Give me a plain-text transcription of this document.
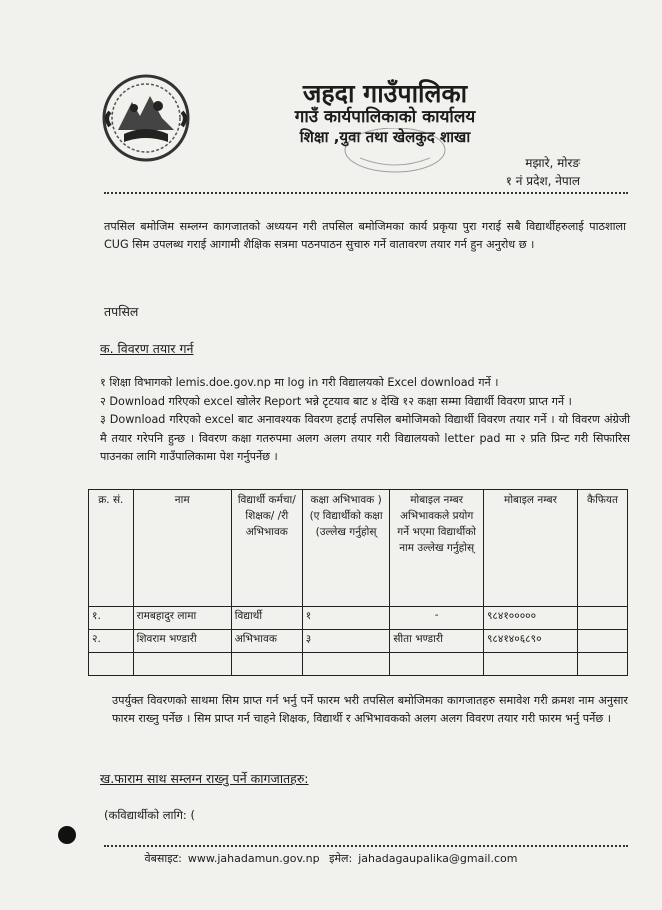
जहदा गाउँपालिका
गाउँ कार्यपालिकाको कार्यालय
शिक्षा ,युवा तथा खेलकुद शाखा
मझारे, मोरङ
१ नं प्रदेश, नेपाल
तपसिल बमोजिम सम्लग्न कागजातको अध्ययन गरी तपसिल बमोजिमका कार्य प्रकृया पुरा गराई सबै विद्यार्थीहरुलाई पाठशाला CUG सिम उपलब्ध गराई आगामी शैक्षिक सत्रमा पठनपाठन सुचारु गर्ने वातावरण तयार गर्न हुन अनुरोध छ ।
तपसिल
क. विवरण तयार गर्न
१ शिक्षा विभागको lemis.doe.gov.np मा log in गरी विद्यालयको Excel download गर्ने ।
२ Download गरिएको excel खोलेर Report भन्ने टृटयाव बाट ४ देखि १२ कक्षा सम्मा विद्यार्थी विवरण प्राप्त गर्ने ।
३ Download गरिएको excel बाट अनावश्यक विवरण हटाई तपसिल बमोजिमको विद्यार्थी विवरण तयार गर्ने । यो विवरण अंग्रेजी मै तयार गरेपनि हुन्छ । विवरण कक्षा गतरुपमा अलग अलग तयार गरी विद्यालयको letter pad मा २ प्रति प्रिन्ट गरी सिफारिस पाउनका लागि गाउँपालिकामा पेश गर्नुपर्नेछ ।
क्र. सं.	नाम	विद्यार्थी कर्मचा/शिक्षक/ /री अभिभावक	कक्षा अभिभावक ) (ए विद्यार्थीको कक्षा (उल्लेख गर्नुहोस्	मोबाइल नम्बर अभिभावकले प्रयोग गर्ने भएमा विद्यार्थीको नाम उल्लेख गर्नुहोस्	मोबाइल नम्बर	कैफियत
१.	रामबहादुर लामा	विद्यार्थी	१	-	९८४१०००००	
२.	शिवराम भण्डारी	अभिभावक	३	सीता भण्डारी	९८४१४०६८९०	

उपर्युक्त विवरणको साथमा सिम प्राप्त गर्न भर्नु पर्ने फारम भरी तपसिल बमोजिमका कागजातहरु समावेश गरी क्रमश नाम अनुसार फारम राख्नु पर्नेछ । सिम प्राप्त गर्न चाहने शिक्षक, विद्यार्थी र अभिभावकको अलग अलग विवरण तयार गरी फारम भर्नु पर्नेछ ।
ख.फाराम साथ सम्लग्न राख्नु पर्ने कागजातहरु:
(कविद्यार्थीको लागि: (
वेबसाइट: www.jahadamun.gov.np इमेल: jahadagaupalika@gmail.com
